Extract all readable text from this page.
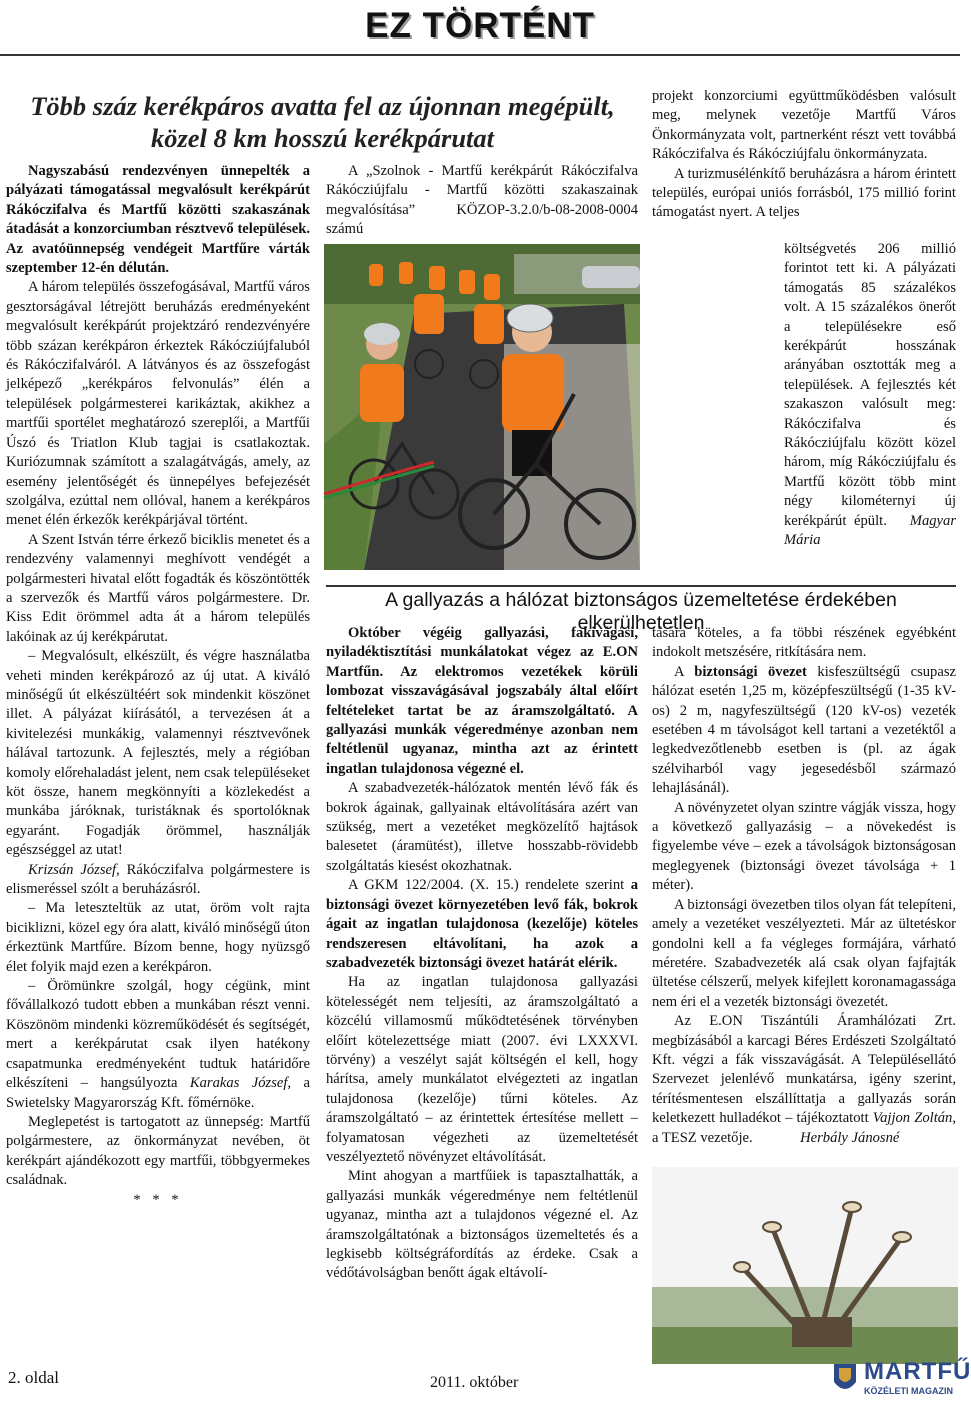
EZ TÖRTÉNT
Több száz kerékpáros avatta fel az újonnan megépült,
közel 8 km hosszú kerékpárutat

Nagyszabású rendezvényen ünnepelték a pályázati támogatással megvalósult kerékpárút Rákóczifalva és Martfű közötti szakaszának átadását a konzorciumban résztvevő települések. Az avatóünnepség vendégeit Martfűre várták szeptember 12-én délután.

A három település összefogásával, Martfű város gesztorságával létrejött beruházás eredményeként megvalósult kerékpárút projektzáró rendezvényére több százan kerékpáron érkeztek Rákócziújfaluból és Rákóczifalváról. A látványos és az összefogást jelképező „kerékpáros felvonulás” élén a települések polgármesterei karikáztak, akikhez a martfűi sportélet meghatározó szereplői, a Martfűi Úszó és Triatlon Klub tagjai is csatlakoztak. Kuriózumnak számított a szalagátvágás, amely, az esemény jelentőségét és ünnepélyes befejezését szolgálva, ezúttal nem ollóval, hanem a kerékpáros menet élén érkezők kerékpárjával történt.

A Szent István térre érkező biciklis menetet és a rendezvény valamennyi meghívott vendégét a polgármesteri hivatal előtt fogadták és köszöntötték a szervezők és Martfű város polgármestere. Dr. Kiss Edit örömmel adta át a három település lakóinak az új kerékpárutat.

– Megvalósult, elkészült, és végre használatba veheti minden kerékpározó az új utat. A kiváló minőségű út elkészültéért sok mindenkit köszönet illet. A pályázat kiírásától, a tervezésen át a kivitelezési munkákig, valamennyi résztvevőnek hálával tartozunk. A fejlesztés, mely a régióban komoly előrehaladást jelent, nem csak településeket köt össze, hanem megkönnyíti a közlekedést a munkába járóknak, turistáknak és sportolóknak egyaránt. Fogadják örömmel, használják egészséggel az utat!

Krizsán József, Rákóczifalva polgármestere is elismeréssel szólt a beruházásról.

– Ma leteszteltük az utat, öröm volt rajta biciklizni, közel egy óra alatt, kiváló minőségű úton érkeztünk Martfűre. Bízom benne, hogy nyüzsgő élet folyik majd ezen a kerékpáron.

– Örömünkre szolgál, hogy cégünk, mint fővállalkozó tudott ebben a munkában részt venni. Köszönöm mindenki közreműködését és segítségét, mert a kerékpárutat csak ilyen hatékony csapatmunka eredményeként tudtuk határidőre elkészíteni – hangsúlyozta Karakas József, a Swietelsky Magyarország Kft. főmérnöke.

Meglepetést is tartogatott az ünnepség: Martfű polgármestere, az önkormányzat nevében, öt kerékpárt ajándékozott egy martfűi, többgyermekes családnak.

* * *

A „Szolnok - Martfű kerékpárút Rákóczifalva Rákócziújfalu - Martfű közötti szakaszainak megvalósítása” KÖZOP-3.2.0/b-08-2008-0004 számú

projekt konzorciumi együttműködésben valósult meg, melynek vezetője Martfű Város Önkormányzata volt, partnerként részt vett továbbá Rákóczifalva és Rákócziújfalu önkormányzata.

A turizmusélénkítő beruházásra a három érintett település, európai uniós forrásból, 175 millió forint támogatást nyert. A teljes

költségvetés 206 millió forintot tett ki. A pályázati támogatás 85 százalékos volt. A 15 százalékos önerőt a településekre eső kerékpárút hosszának arányában osztották meg a települések. A fejlesztés két szakaszon valósult meg: Rákóczifalva és Rákócziújfalu között közel három, míg Rákócziújfalu és Martfű között több mint négy kilométernyi új kerékpárút épült. Magyar Mária

A gallyazás a hálózat biztonságos üzemeltetése érdekében elkerülhetetlen

Október végéig gallyazási, fakivágási, nyiladéktisztítási munkálatokat végez az E.ON Martfűn. Az elektromos vezetékek körüli lombozat visszavágásával jogszabály által előírt feltételeket tartat be az áramszolgáltató. A gallyazási munkák végeredménye azonban nem feltétlenül ugyanaz, mintha azt az érintett ingatlan tulajdonosa végezné el.

A szabadvezeték-hálózatok mentén lévő fák és bokrok ágainak, gallyainak eltávolítására azért van szükség, mert a vezetéket megközelítő hajtások balesetet (áramütést), illetve hosszabb-rövidebb szolgáltatás kiesést okozhatnak.

A GKM 122/2004. (X. 15.) rendelete szerint a biztonsági övezet környezetében levő fák, bokrok ágait az ingatlan tulajdonosa (kezelője) köteles rendszeresen eltávolítani, ha azok a szabadvezeték biztonsági övezet határát elérik.

Ha az ingatlan tulajdonosa gallyazási kötelességét nem teljesíti, az áramszolgáltató a közcélú villamosmű működtetésének törvényben előírt kötelezettsége miatt (2007. évi LXXXVI. törvény) a veszélyt saját költségén el kell, hogy hárítsa, amely munkálatot elvégezteti az ingatlan tulajdonosa (kezelője) tűrni köteles. Az áramszolgáltató – az érintettek értesítése mellett – folyamatosan végezheti az üzemeltetését veszélyeztető növényzet eltávolítását.

Mint ahogyan a martfűiek is tapasztalhatták, a gallyazási munkák végeredménye nem feltétlenül ugyanaz, mintha azt a tulajdonos végezné el. Az áramszolgáltatónak a biztonságos üzemeltetés és a legkisebb költségráfordítás az érdeke. Csak a védőtávolságban benőtt ágak eltávolí-

tására köteles, a fa többi részének egyébként indokolt metszésére, ritkítására nem.

A biztonsági övezet kisfeszültségű csupasz hálózat esetén 1,25 m, középfeszültségű (1-35 kV-os) 2 m, nagyfeszültségű (120 kV-os) vezeték esetében 4 m távolságot kell tartani a vezetéktől a legkedvezőtlenebb esetben is (pl. az ágak szélviharból vagy jegesedésből származó lehajlásánál).

A növényzetet olyan szintre vágják vissza, hogy a következő gallyazásig – a növekedést is figyelembe véve – ezek a távolságok biztonságosan meglegyenek (biztonsági övezet távolsága + 1 méter).

A biztonsági övezetben tilos olyan fát telepíteni, amely a vezetéket veszélyezteti. Már az ültetéskor gondolni kell a fa végleges formájára, várható méretére. Szabadvezeték alá csak olyan fajfajták ültetése célszerű, melyek kifejlett koronamagassága nem éri el a vezeték biztonsági övezetét.

Az E.ON Tiszántúli Áramhálózati Zrt. megbízásából a karcagi Béres Erdészeti Szolgáltató Kft. végzi a fák visszavágását. A Településellátó Szervezet jelenlévő munkatársa, igény szerint, térítésmentesen elszállíttatja a gallyazás során keletkezett hulladékot – tájékoztatott Vajjon Zoltán, a TESZ vezetője.	Herbály Jánosné

2. oldal	2011. október	MARTFŰ
KÖZÉLETI MAGAZIN
